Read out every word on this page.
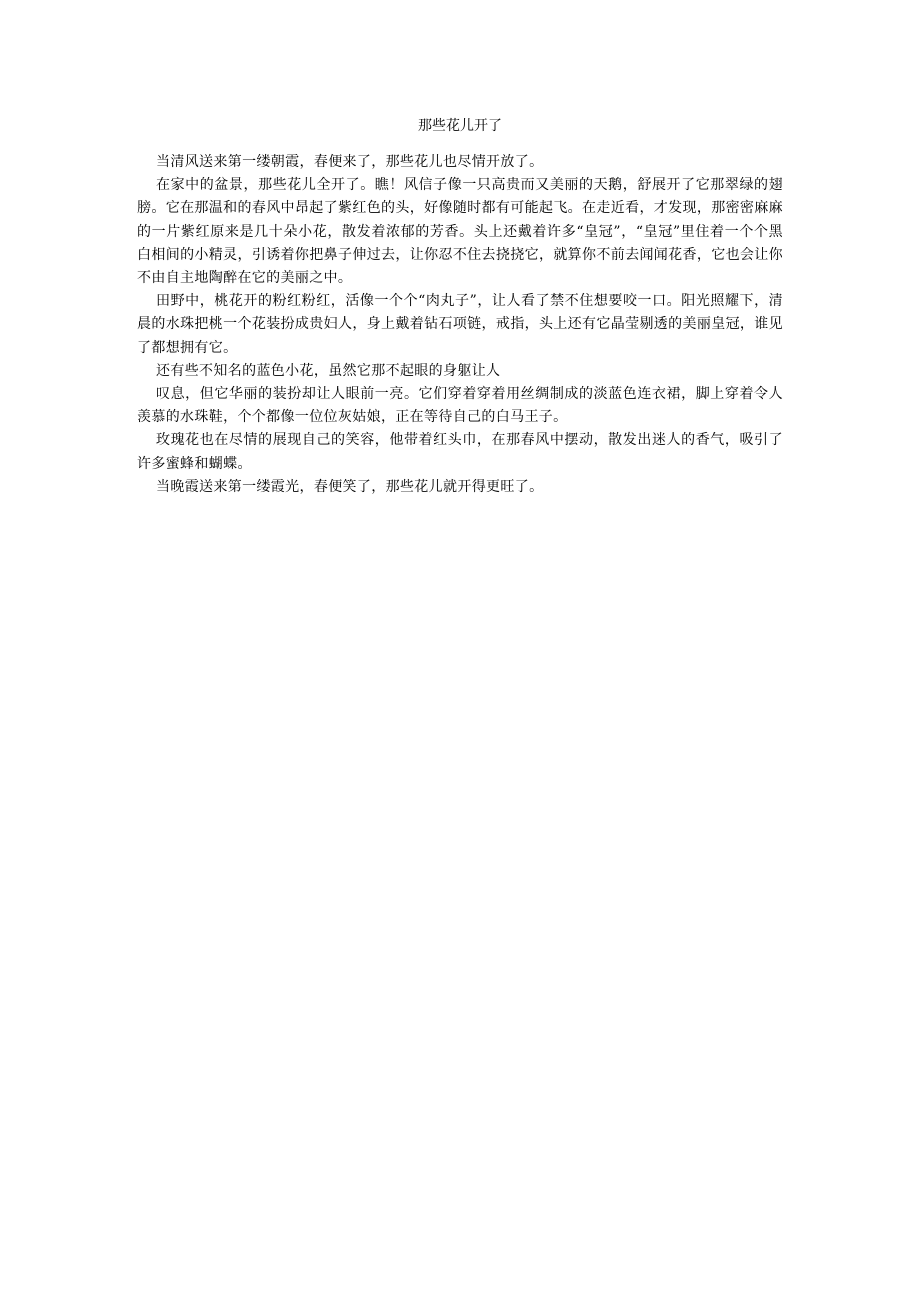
那些花儿开了

当清风送来第一缕朝霞，春便来了，那些花儿也尽情开放了。

在家中的盆景，那些花儿全开了。瞧！风信子像一只高贵而又美丽的天鹅，舒展开了它那翠绿的翅膀。它在那温和的春风中昂起了紫红色的头，好像随时都有可能起飞。在走近看，才发现，那密密麻麻的一片紫红原来是几十朵小花，散发着浓郁的芳香。头上还戴着许多“皇冠”，“皇冠”里住着一个个黑白相间的小精灵，引诱着你把鼻子伸过去，让你忍不住去挠挠它，就算你不前去闻闻花香，它也会让你不由自主地陶醉在它的美丽之中。

田野中，桃花开的粉红粉红，活像一个个“肉丸子”，让人看了禁不住想要咬一口。阳光照耀下，清晨的水珠把桃一个花装扮成贵妇人，身上戴着钻石项链，戒指，头上还有它晶莹剔透的美丽皇冠，谁见了都想拥有它。

还有些不知名的蓝色小花，虽然它那不起眼的身躯让人

叹息，但它华丽的装扮却让人眼前一亮。它们穿着穿着用丝绸制成的淡蓝色连衣裙，脚上穿着令人羡慕的水珠鞋，个个都像一位位灰姑娘，正在等待自己的白马王子。

玫瑰花也在尽情的展现自己的笑容，他带着红头巾，在那春风中摆动，散发出迷人的香气，吸引了许多蜜蜂和蝴蝶。

当晚霞送来第一缕霞光，春便笑了，那些花儿就开得更旺了。
